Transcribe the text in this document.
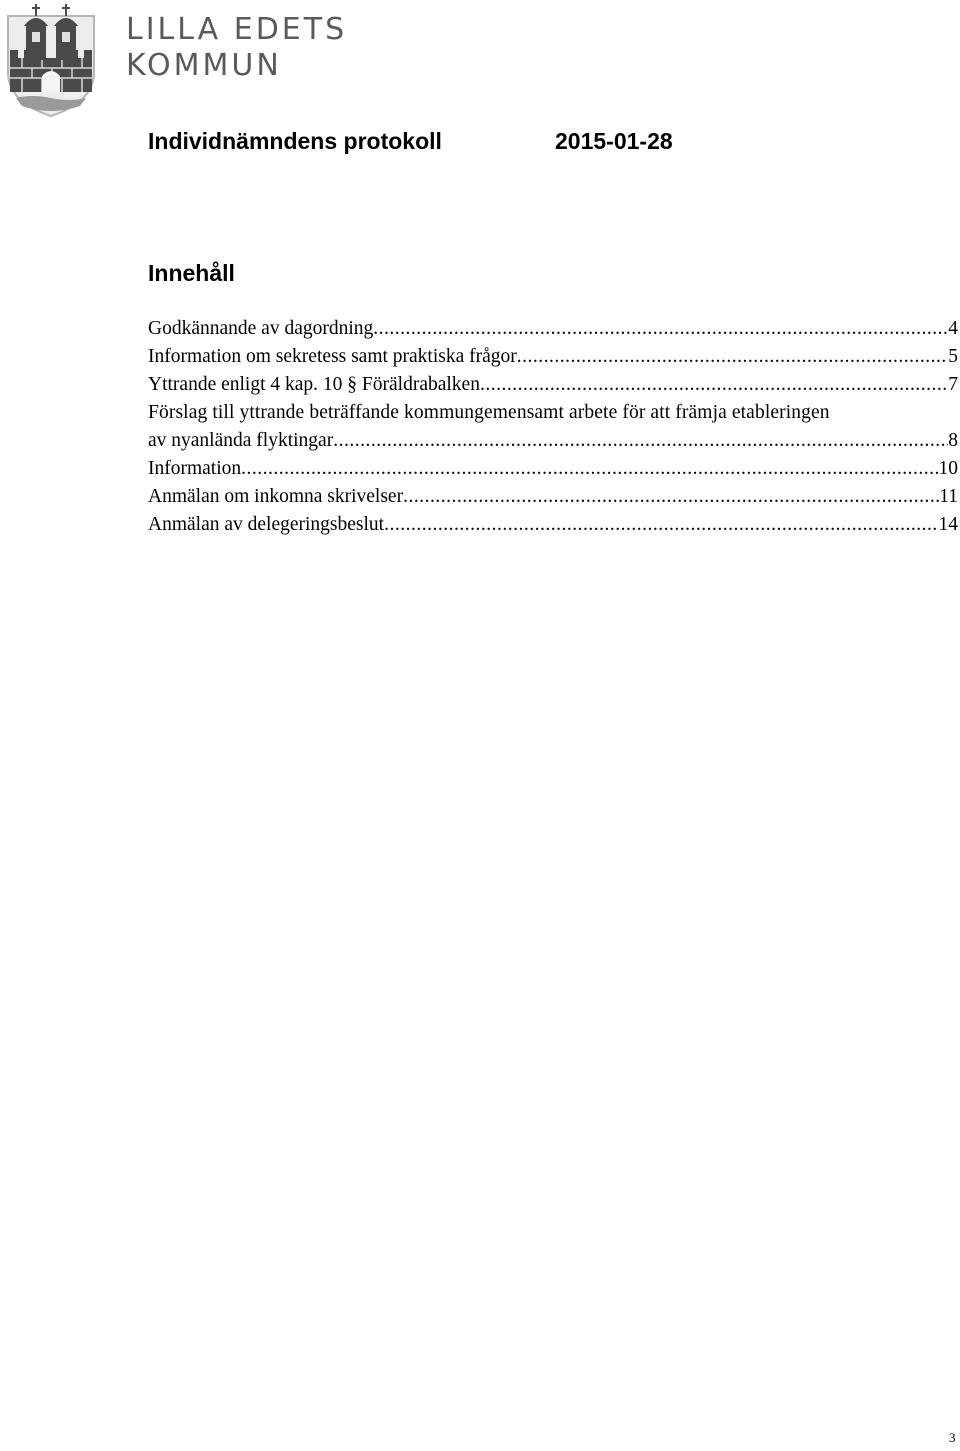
LILLA EDETS
KOMMUN
Individnämndens protokoll	2015-01-28
Innehåll
Godkännande av dagordning .....	4
Information om sekretess samt praktiska frågor .....	5
Yttrande enligt 4 kap. 10 § Föräldrabalken .....	7
Förslag till yttrande beträffande kommungemensamt arbete för att främja etableringen
av nyanlända flyktingar .....	8
Information .....	10
Anmälan om inkomna skrivelser .....	11
Anmälan av delegeringsbeslut .....	14
3
